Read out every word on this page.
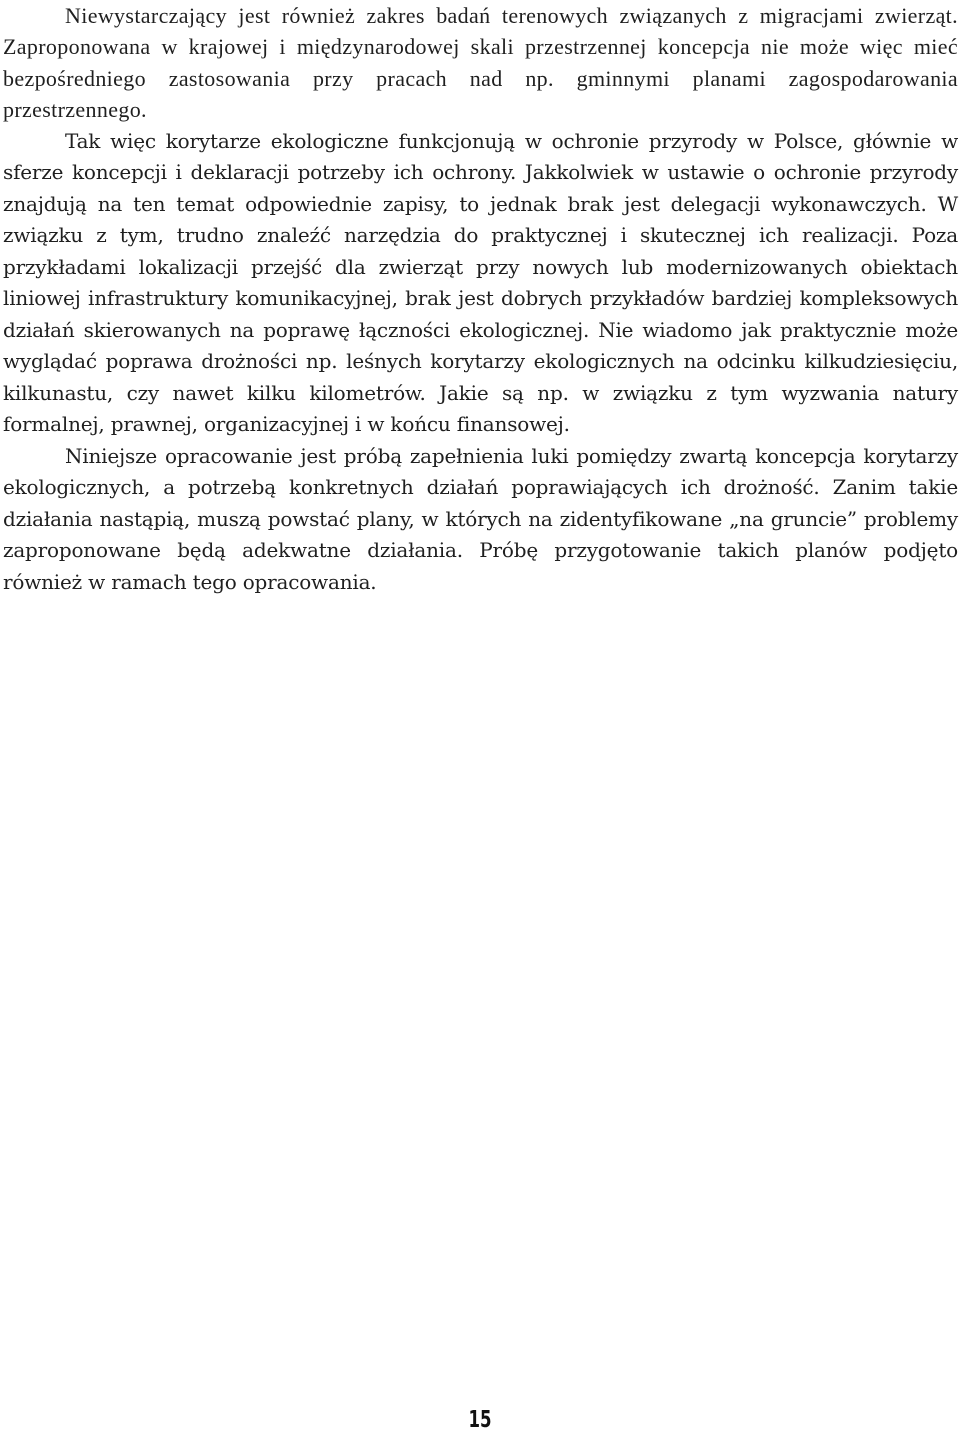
Niewystarczający jest również zakres badań terenowych związanych z migracjami zwierząt. Zaproponowana w krajowej i międzynarodowej skali przestrzennej koncepcja nie może więc mieć bezpośredniego zastosowania przy pracach nad np. gminnymi planami zagospodarowania przestrzennego.

Tak więc korytarze ekologiczne funkcjonują w ochronie przyrody w Polsce, głównie w sferze koncepcji i deklaracji potrzeby ich ochrony. Jakkolwiek w ustawie o ochronie przyrody znajdują na ten temat odpowiednie zapisy, to jednak brak jest delegacji wykonawczych. W związku z tym, trudno znaleźć narzędzia do praktycznej i skutecznej ich realizacji. Poza przykładami lokalizacji przejść dla zwierząt przy nowych lub modernizowanych obiektach liniowej infrastruktury komunikacyjnej, brak jest dobrych przykładów bardziej kompleksowych działań skierowanych na poprawę łączności ekologicznej. Nie wiadomo jak praktycznie może wyglądać poprawa drożności np. leśnych korytarzy ekologicznych na odcinku kilkudziesięciu, kilkunastu, czy nawet kilku kilometrów. Jakie są np. w związku z tym wyzwania natury formalnej, prawnej, organizacyjnej i w końcu finansowej.

Niniejsze opracowanie jest próbą zapełnienia luki pomiędzy zwartą koncepcja korytarzy ekologicznych, a potrzebą konkretnych działań poprawiających ich drożność. Zanim takie działania nastąpią, muszą powstać plany, w których na zidentyfikowane „na gruncie” problemy zaproponowane będą adekwatne działania. Próbę przygotowanie takich planów podjęto również w ramach tego opracowania.

15
